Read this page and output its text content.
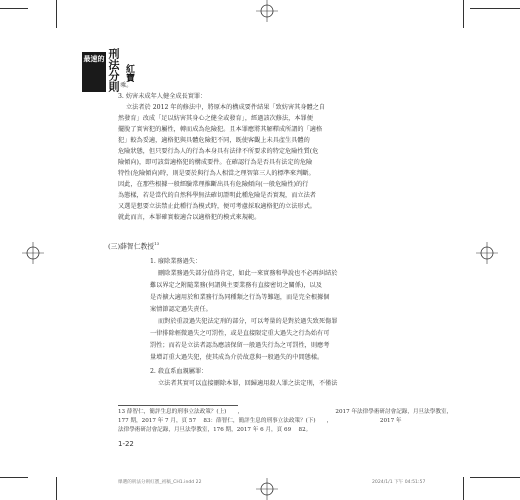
最速的 刑法分則 紅寶
乘。
3. 妨害未成年人健全成長實罪：
立法者於 2012 年的修法中，將原本的構成要件結果「致妨害其身體之自
然發育」改成「足以妨害其身心之健全或發育」，經過該次修法，本罪便
擺脫了實害犯的屬性，轉而成為危險犯。且本罪應將其解釋成所謂的「適格
犯」較為妥適，適格犯與具體危險犯不同，既使客觀上未具產生具體的
危險狀態，但只要行為人的行為本身具有法律不所要求的特定危險性質(危
險傾向)，即可該當適格犯的構成要件。在確認行為是否具有法定的危險
特性(危險傾向)時，則是要於與行為人相當之理智第三人的標準來判斷。
因此，在那些根據一般經驗常理推斷出具有危險傾向(一般危險性)的行
為態樣，若是當代的自然科學無法確切證明此種危險是否實現，而立法者
又選是想要立法禁止此種行為模式時，便可考慮採取適格犯的立法形式。
就此而言，本罪確實較適合以適格犯的模式來規範。
(三)薛智仁教授$^{13}$
1. 廢除業務過失：
刪除業務過失部分值得肯定，如此一來實務和學說也不必再糾結於
難以界定之附隨業務(何謂與主要業務有直接密切之關係)，以及
是否擴大適用於和業務行為同種類之行為等難題，而是完全根據個
案情節認定過失責任。
而對於重設過失犯法定刑的部分，可以考量的是對於過失致死傷罪
一律排除輕微過失之可罰性，或是直接限定重大過失之行為始有可
罰性；而若是立法者認為應該保留一般過失行為之可罰性，則應考
量增訂重大過失犯，使其成為介於故意與一般過失的中間態樣。
2. 殺直系血親屬罪：
立法者其實可以直接刪除本罪，回歸適用殺人罪之法定刑，不僅法
13 薛智仁，簡評生息的刑事立法政策？(上)　　，　　　　　　　　　　　　　　　　　2017 年法律學術研討會記錄，月旦法學教室，
177 期，2017 年 7 月，頁 57 　83：薛智仁，簡評生息的刑事立法政策？(下)　　，　　　　　　　　　2017 年
法律學術研討會記錄，月旦法學教室，176 期，2017 年 6 月，頁 69 　82。
1-22
爆選的刑法分則紅寶_初稿_CH1.indd 22	2024/1/1 下午 04:51:57
